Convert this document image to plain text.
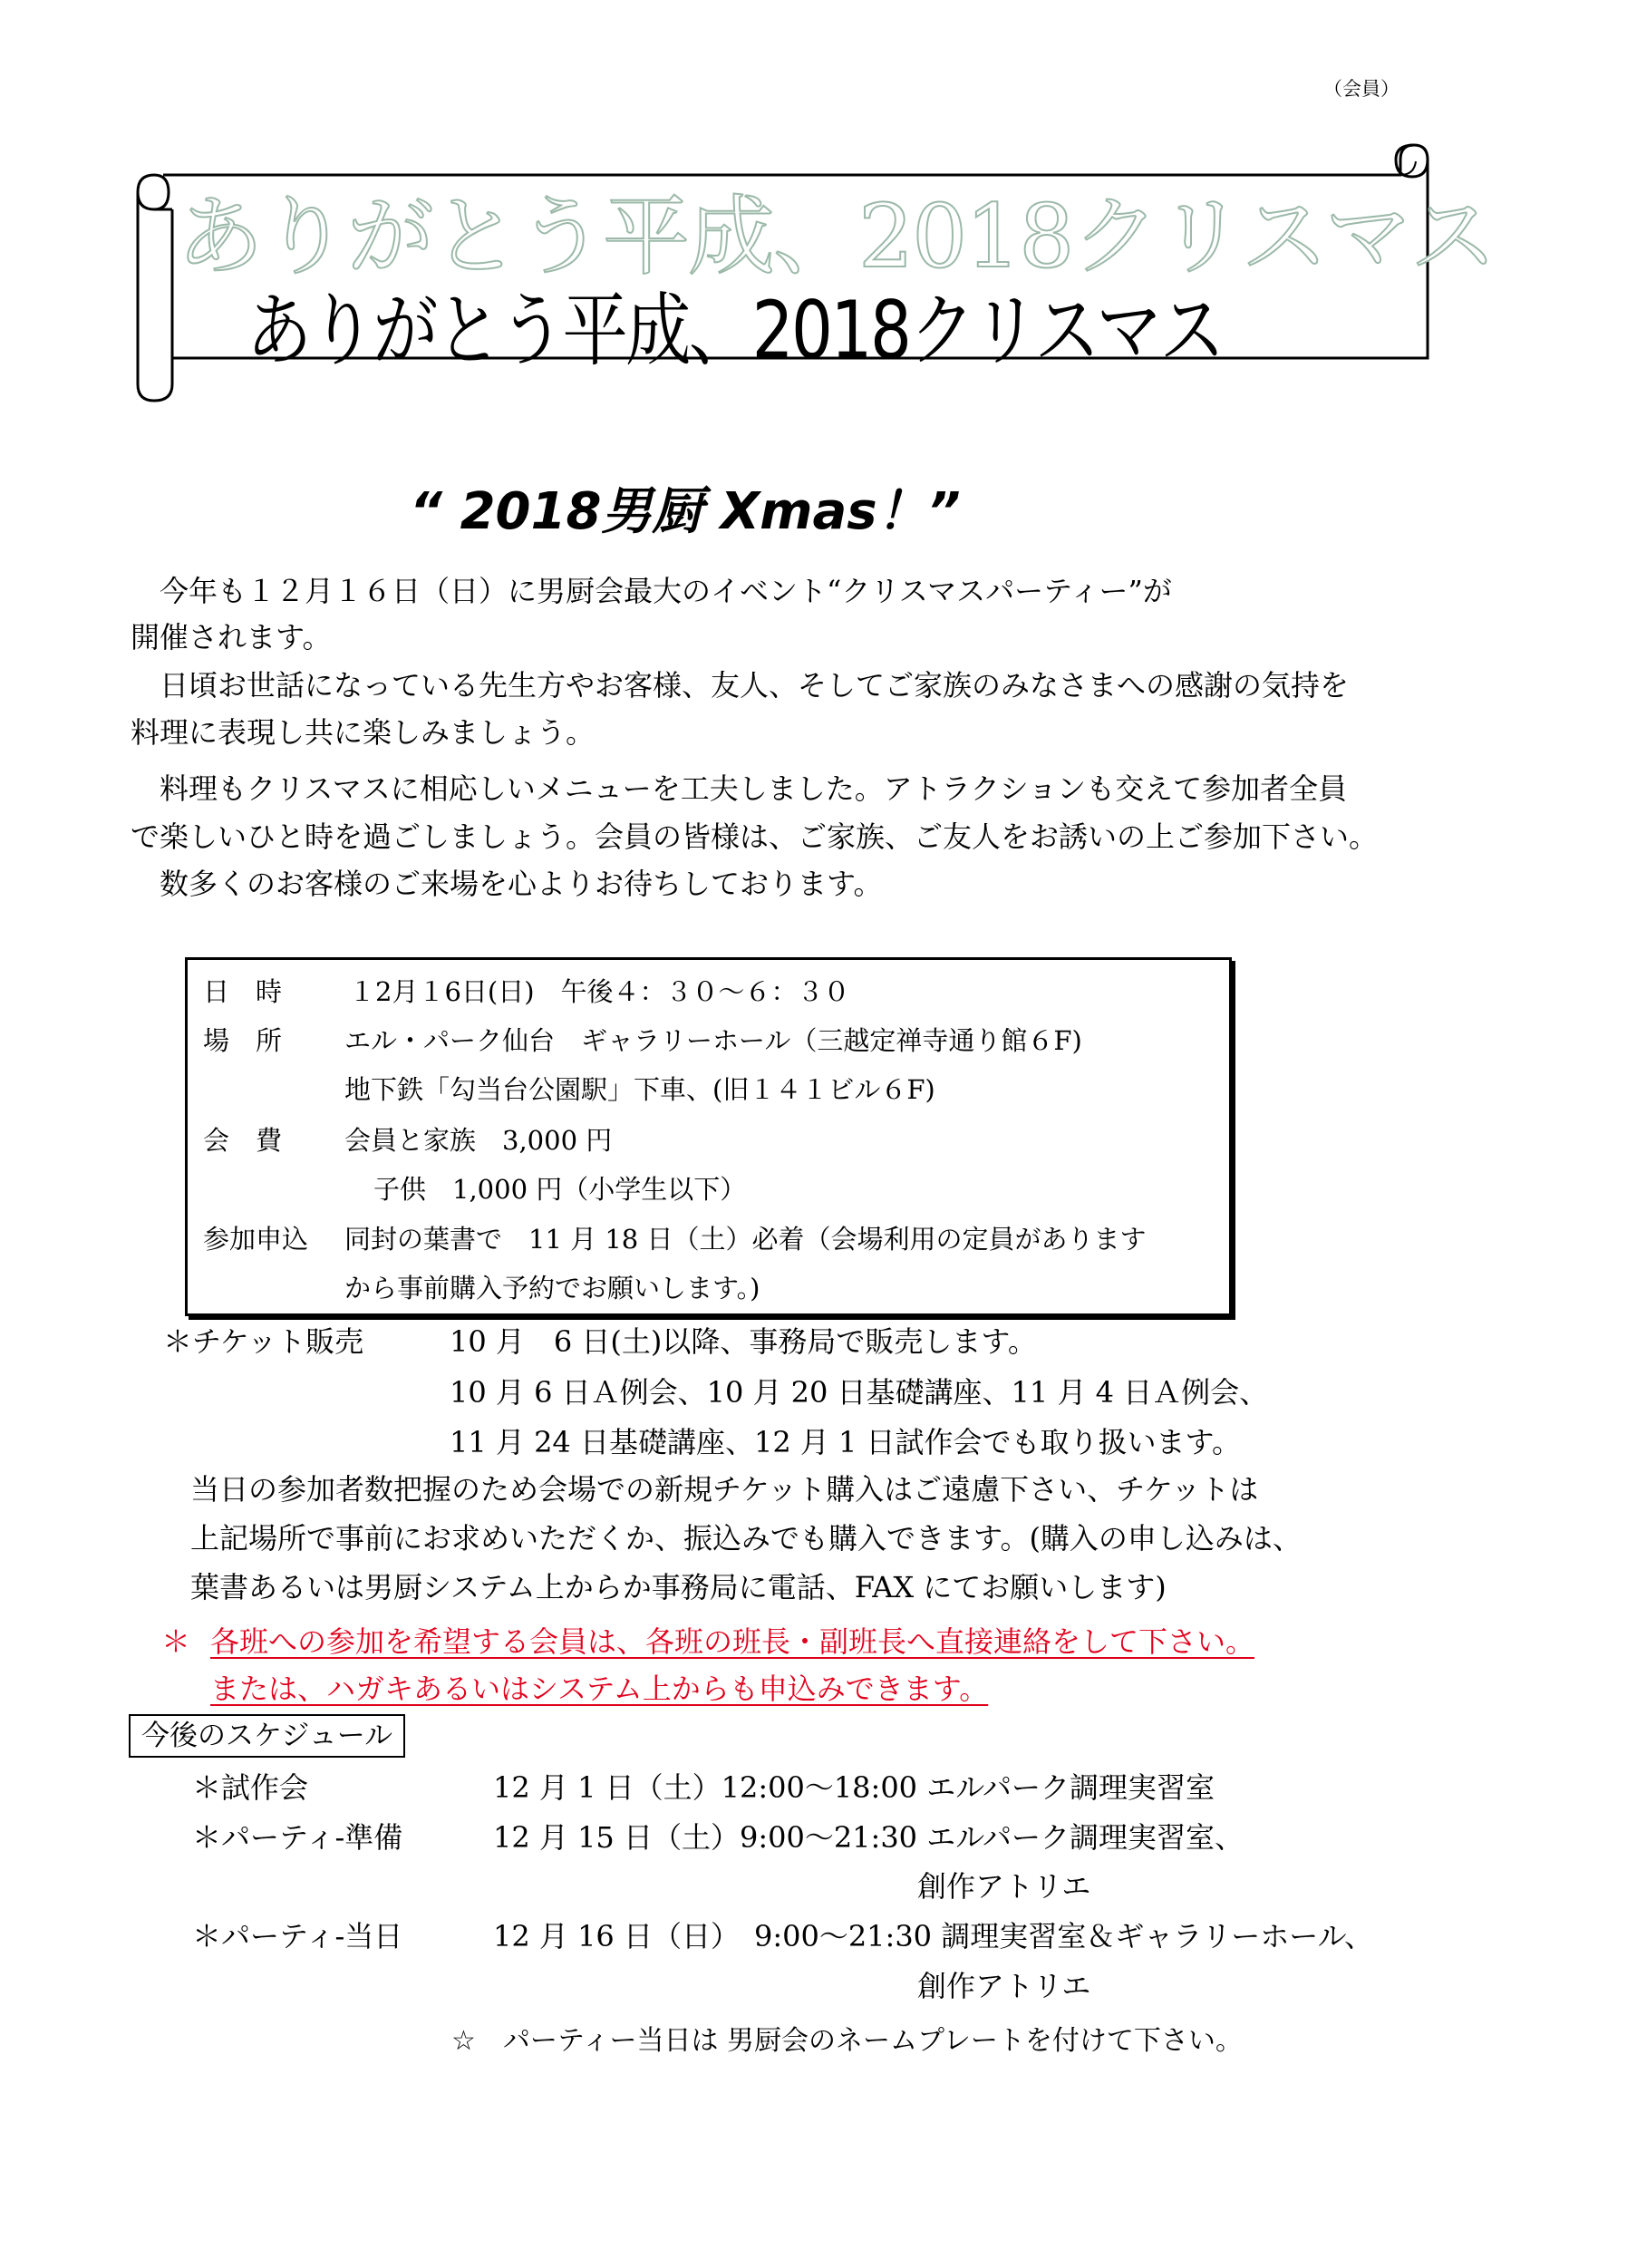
（会員）
ありがとう平成、2018クリスマス
ありがとう平成、2018クリスマス
“ 2018男厨 Xmas！”
　今年も１２月１６日（日）に男厨会最大のイベント“クリスマスパーティー”が
開催されます。
　日頃お世話になっている先生方やお客様、友人、そしてご家族のみなさまへの感謝の気持を
料理に表現し共に楽しみましょう。
　料理もクリスマスに相応しいメニューを工夫しました。アトラクションも交えて参加者全員
で楽しいひと時を過ごしましょう。会員の皆様は、ご家族、ご友人をお誘いの上ご参加下さい。
　数多くのお客様のご来場を心よりお待ちしております。
日　時	１2月１6日(日)　午後４：３０～６：３０
場　所 エル・パーク仙台　ギャラリーホール（三越定禅寺通り館６F)
地下鉄「勾当台公園駅」下車、(旧１４１ビル６F)
会　費 会員と家族　3,000 円
子供　1,000 円（小学生以下）
参加申込 同封の葉書で　11 月 18 日（土）必着（会場利用の定員があります
から事前購入予約でお願いします。)
＊チケット販売	10 月　6 日(土)以降、事務局で販売します。
10 月 6 日Ａ例会、10 月 20 日基礎講座、11 月 4 日Ａ例会、
11 月 24 日基礎講座、12 月 1 日試作会でも取り扱います。
当日の参加者数把握のため会場での新規チケット購入はご遠慮下さい、チケットは
上記場所で事前にお求めいただくか、振込みでも購入できます。(購入の申し込みは、
葉書あるいは男厨システム上からか事務局に電話、FAX にてお願いします)
＊ 各班への参加を希望する会員は、各班の班長・副班長へ直接連絡をして下さい。
または、ハガキあるいはシステム上からも申込みできます。
今後のスケジュール
＊試作会	12 月 1 日（土）12:00～18:00 エルパーク調理実習室
＊パーティ-準備	12 月 15 日（土）9:00～21:30 エルパーク調理実習室、
創作アトリエ
＊パーティ-当日	12 月 16 日（日）　9:00～21:30 調理実習室＆ギャラリーホール、
創作アトリエ
☆　パーティー当日は 男厨会のネームプレートを付けて下さい。
